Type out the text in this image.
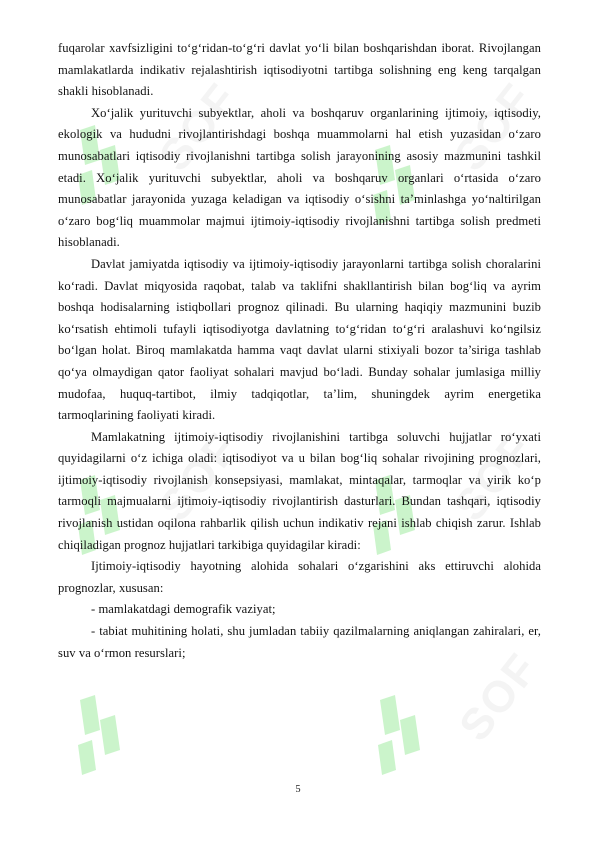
SOF	SOF
SOF	SOF
SOF

fuqarolar xavfsizligini to‘g‘ridan-to‘g‘ri davlat yo‘li bilan boshqarishdan iborat. Rivojlangan mamlakatlarda indikativ rejalashtirish iqtisodiyotni tartibga solishning eng keng tarqalgan shakli hisoblanadi.

Xo‘jalik yurituvchi subyektlar, aholi va boshqaruv organlarining ijtimoiy, iqtisodiy, ekologik va hududni rivojlantirishdagi boshqa muammolarni hal etish yuzasidan o‘zaro munosabatlari iqtisodiy rivojlanishni tartibga solish jarayonining asosiy mazmunini tashkil etadi. Xo‘jalik yurituvchi subyektlar, aholi va boshqaruv organlari o‘rtasida o‘zaro munosabatlar jarayonida yuzaga keladigan va iqtisodiy o‘sishni ta’minlashga yo‘naltirilgan o‘zaro bog‘liq muammolar majmui ijtimoiy-iqtisodiy rivojlanishni tartibga solish predmeti hisoblanadi.

Davlat jamiyatda iqtisodiy va ijtimoiy-iqtisodiy jarayonlarni tartibga solish choralarini ko‘radi. Davlat miqyosida raqobat, talab va taklifni shakllantirish bilan bog‘liq va ayrim boshqa hodisalarning istiqbollari prognoz qilinadi. Bu ularning haqiqiy mazmunini buzib ko‘rsatish ehtimoli tufayli iqtisodiyotga davlatning to‘g‘ridan to‘g‘ri aralashuvi ko‘ngilsiz bo‘lgan holat. Biroq mamlakatda hamma vaqt davlat ularni stixiyali bozor ta’siriga tashlab qo‘ya olmaydigan qator faoliyat sohalari mavjud bo‘ladi. Bunday sohalar jumlasiga milliy mudofaa, huquq-tartibot, ilmiy tadqiqotlar, ta’lim, shuningdek ayrim energetika tarmoqlarining faoliyati kiradi.

Mamlakatning ijtimoiy-iqtisodiy rivojlanishini tartibga soluvchi hujjatlar ro‘yxati quyidagilarni o‘z ichiga oladi: iqtisodiyot va u bilan bog‘liq sohalar rivojining prognozlari, ijtimoiy-iqtisodiy rivojlanish konsepsiyasi, mamlakat, mintaqalar, tarmoqlar va yirik ko‘p tarmoqli majmualarni ijtimoiy-iqtisodiy rivojlantirish dasturlari. Bundan tashqari, iqtisodiy rivojlanish ustidan oqilona rahbarlik qilish uchun indikativ rejani ishlab chiqish zarur. Ishlab chiqiladigan prognoz hujjatlari tarkibiga quyidagilar kiradi:

Ijtimoiy-iqtisodiy hayotning alohida sohalari o‘zgarishini aks ettiruvchi alohida prognozlar, xususan:

- mamlakatdagi demografik vaziyat;

- tabiat muhitining holati, shu jumladan tabiiy qazilmalarning aniqlangan zahiralari, er, suv va o‘rmon resurslari;

5
